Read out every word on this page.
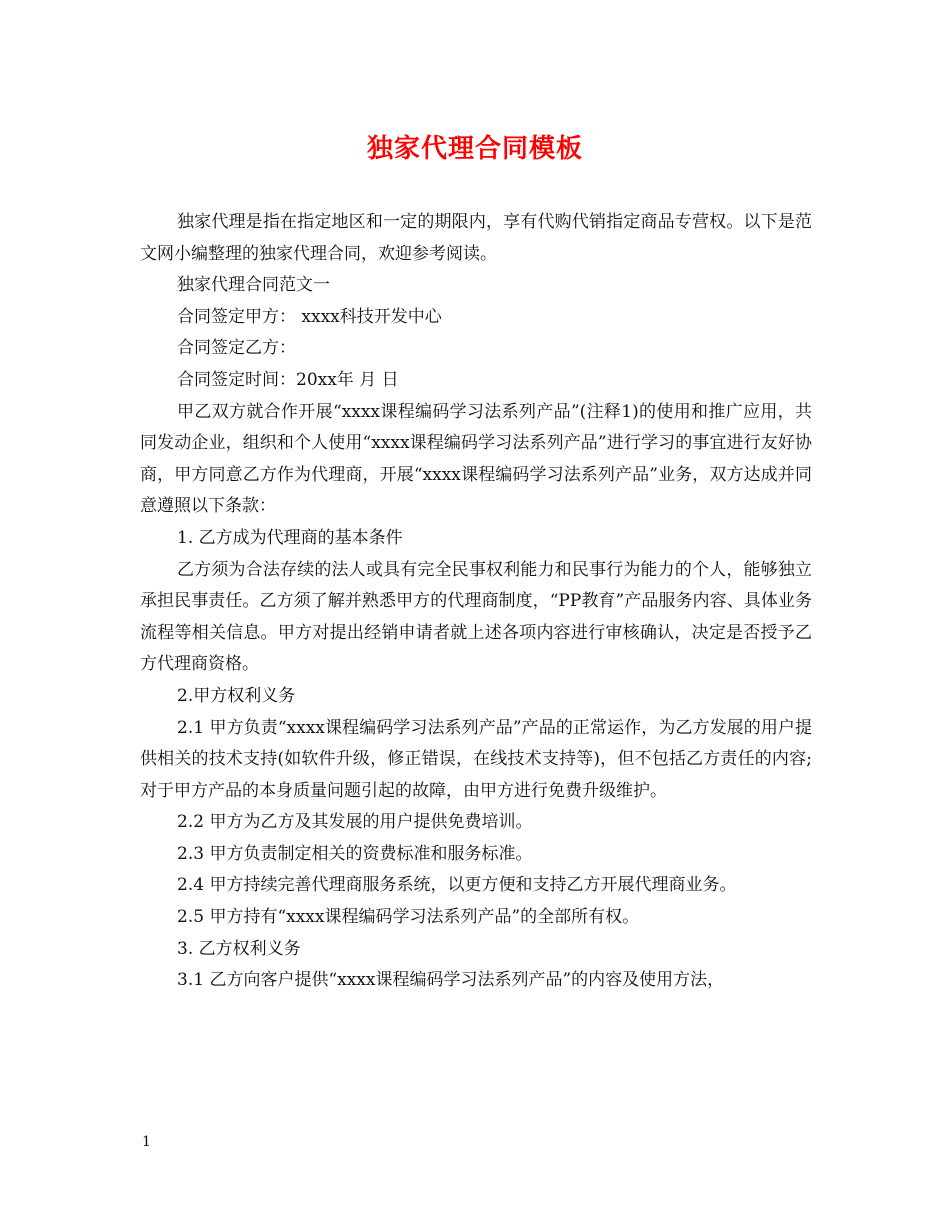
独家代理合同模板

独家代理是指在指定地区和一定的期限内，享有代购代销指定商品专营权。以下是范文网小编整理的独家代理合同，欢迎参考阅读。

独家代理合同范文一

合同签定甲方： xxxx科技开发中心

合同签定乙方：

合同签定时间：20xx年 月 日

甲乙双方就合作开展“xxxx课程编码学习法系列产品”(注释1)的使用和推广应用，共同发动企业，组织和个人使用“xxxx课程编码学习法系列产品”进行学习的事宜进行友好协商，甲方同意乙方作为代理商，开展“xxxx课程编码学习法系列产品”业务，双方达成并同意遵照以下条款：

1. 乙方成为代理商的基本条件

乙方须为合法存续的法人或具有完全民事权利能力和民事行为能力的个人，能够独立承担民事责任。乙方须了解并熟悉甲方的代理商制度，“PP教育”产品服务内容、具体业务流程等相关信息。甲方对提出经销申请者就上述各项内容进行审核确认，决定是否授予乙方代理商资格。

2.甲方权利义务

2.1 甲方负责“xxxx课程编码学习法系列产品”产品的正常运作，为乙方发展的用户提供相关的技术支持(如软件升级，修正错误，在线技术支持等)，但不包括乙方责任的内容;对于甲方产品的本身质量问题引起的故障，由甲方进行免费升级维护。

2.2 甲方为乙方及其发展的用户提供免费培训。

2.3 甲方负责制定相关的资费标准和服务标准。

2.4 甲方持续完善代理商服务系统，以更方便和支持乙方开展代理商业务。

2.5 甲方持有“xxxx课程编码学习法系列产品”的全部所有权。

3. 乙方权利义务

3.1 乙方向客户提供“xxxx课程编码学习法系列产品”的内容及使用方法，

1
